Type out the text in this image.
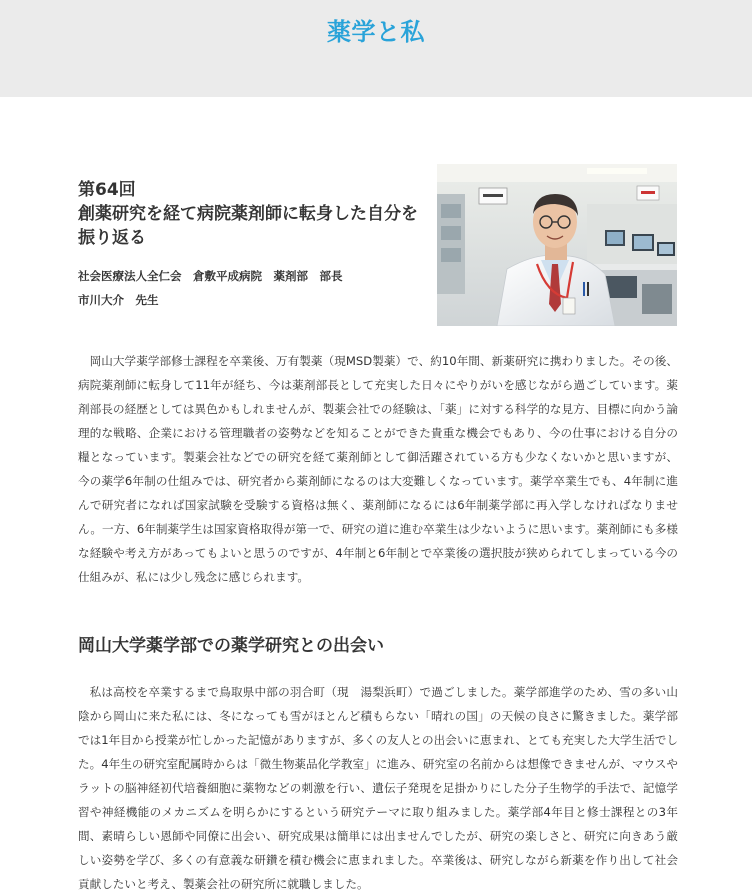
薬学と私
第64回
創薬研究を経て病院薬剤師に転身した自分を振り返る
社会医療法人全仁会　倉敷平成病院　薬剤部　部長
市川大介　先生

岡山大学薬学部修士課程を卒業後、万有製薬（現MSD製薬）で、約10年間、新薬研究に携わりました。その後、病院薬剤師に転身して11年が経ち、今は薬剤部長として充実した日々にやりがいを感じながら過ごしています。薬剤部長の経歴としては異色かもしれませんが、製薬会社での経験は、「薬」に対する科学的な見方、目標に向かう論理的な戦略、企業における管理職者の姿勢などを知ることができた貴重な機会でもあり、今の仕事における自分の糧となっています。製薬会社などでの研究を経て薬剤師として御活躍されている方も少なくないかと思いますが、今の薬学6年制の仕組みでは、研究者から薬剤師になるのは大変難しくなっています。薬学卒業生でも、4年制に進んで研究者になれば国家試験を受験する資格は無く、薬剤師になるには6年制薬学部に再入学しなければなりません。一方、6年制薬学生は国家資格取得が第一で、研究の道に進む卒業生は少ないように思います。薬剤師にも多様な経験や考え方があってもよいと思うのですが、4年制と6年制とで卒業後の選択肢が狭められてしまっている今の仕組みが、私には少し残念に感じられます。

岡山大学薬学部での薬学研究との出会い

私は高校を卒業するまで鳥取県中部の羽合町（現　湯梨浜町）で過ごしました。薬学部進学のため、雪の多い山陰から岡山に来た私には、冬になっても雪がほとんど積もらない「晴れの国」の天候の良さに驚きました。薬学部では1年目から授業が忙しかった記憶がありますが、多くの友人との出会いに恵まれ、とても充実した大学生活でした。4年生の研究室配属時からは「微生物薬品化学教室」に進み、研究室の名前からは想像できませんが、マウスやラットの脳神経初代培養細胞に薬物などの刺激を行い、遺伝子発現を足掛かりにした分子生物学的手法で、記憶学習や神経機能のメカニズムを明らかにするという研究テーマに取り組みました。薬学部4年目と修士課程との3年間、素晴らしい恩師や同僚に出会い、研究成果は簡単には出ませんでしたが、研究の楽しさと、研究に向きあう厳しい姿勢を学び、多くの有意義な研鑽を積む機会に恵まれました。卒業後は、研究しながら新薬を作り出して社会貢献したいと考え、製薬会社の研究所に就職しました。
